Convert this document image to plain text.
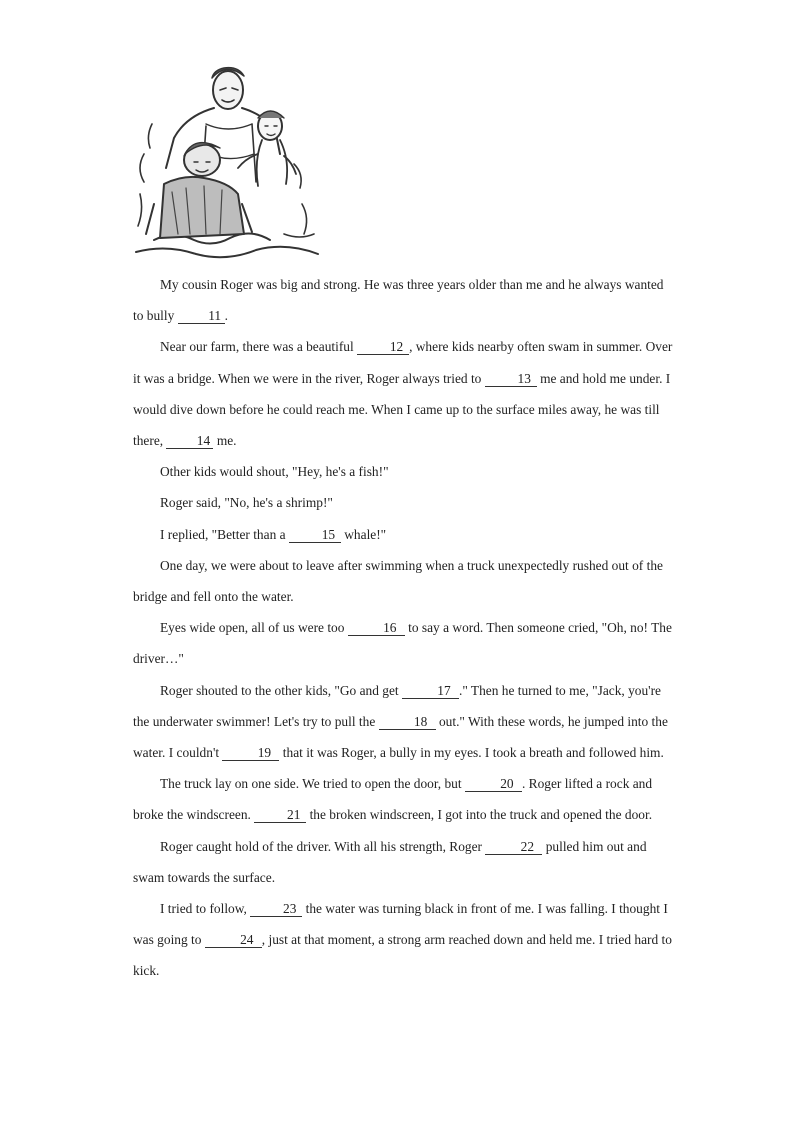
My cousin Roger was big and strong. He was three years older than me and he always wanted to bully 11 .

Near our farm, there was a beautiful 12 , where kids nearby often swam in summer. Over it was a bridge. When we were in the river, Roger always tried to 13 me and hold me under. I would dive down before he could reach me. When I came up to the surface miles away, he was till there, 14 me.

Other kids would shout, "Hey, he's a fish!"

Roger said, "No, he's a shrimp!"

I replied, "Better than a 15 whale!"

One day, we were about to leave after swimming when a truck unexpectedly rushed out of the bridge and fell onto the water.

Eyes wide open, all of us were too	16 to say a word. Then someone cried, "Oh, no! The driver…"

Roger shouted to the other kids, "Go and get	17 ." Then he turned to me, "Jack, you're the underwater swimmer! Let's try to pull the	18 out." With these words, he jumped into the water. I couldn't	19 that it was Roger, a bully in my eyes. I took a breath and followed him.

The truck lay on one side. We tried to open the door, but	20 . Roger lifted a rock and broke the windscreen. 21 the broken windscreen, I got into the truck and opened the door.

Roger caught hold of the driver. With all his strength, Roger	22 pulled him out and swam towards the surface.

I tried to follow, 23 the water was turning black in front of me. I was falling. I thought I was going to	24 , just at that moment, a strong arm reached down and held me. I tried hard to kick.
